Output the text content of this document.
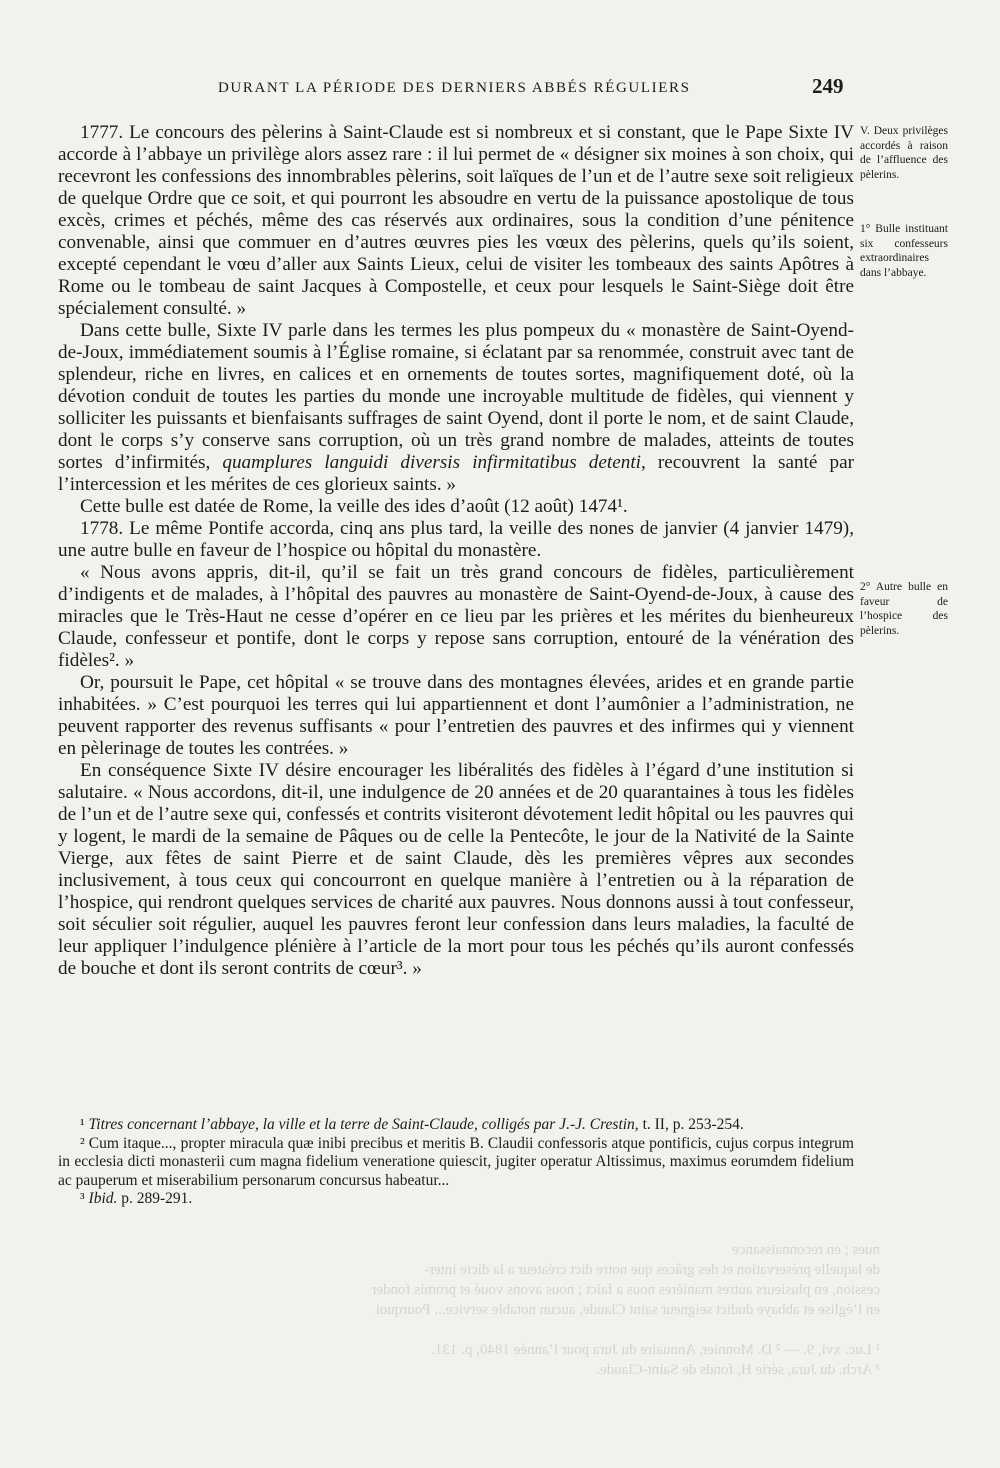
DURANT LA PÉRIODE DES DERNIERS ABBÉS RÉGULIERS	249

1777. Le concours des pèlerins à Saint-Claude est si nombreux et si constant, que le Pape Sixte IV accorde à l’abbaye un privilège alors assez rare : il lui permet de « désigner six moines à son choix, qui recevront les confessions des innombrables pèlerins, soit laïques de l’un et de l’autre sexe soit religieux de quelque Ordre que ce soit, et qui pourront les absoudre en vertu de la puissance apostolique de tous excès, crimes et péchés, même des cas réservés aux ordinaires, sous la condition d’une pénitence convenable, ainsi que commuer en d’autres œuvres pies les vœux des pèlerins, quels qu’ils soient, excepté cependant le vœu d’aller aux Saints Lieux, celui de visiter les tombeaux des saints Apôtres à Rome ou le tombeau de saint Jacques à Compostelle, et ceux pour lesquels le Saint-Siège doit être spécialement consulté. »

Dans cette bulle, Sixte IV parle dans les termes les plus pompeux du « monastère de Saint-Oyend-de-Joux, immédiatement soumis à l’Église romaine, si éclatant par sa renommée, construit avec tant de splendeur, riche en livres, en calices et en ornements de toutes sortes, magnifiquement doté, où la dévotion conduit de toutes les parties du monde une incroyable multitude de fidèles, qui viennent y solliciter les puissants et bienfaisants suffrages de saint Oyend, dont il porte le nom, et de saint Claude, dont le corps s’y conserve sans corruption, où un très grand nombre de malades, atteints de toutes sortes d’infirmités, quamplures languidi diversis infirmitatibus detenti, recouvrent la santé par l’intercession et les mérites de ces glorieux saints. »

Cette bulle est datée de Rome, la veille des ides d’août (12 août) 1474¹.

1778. Le même Pontife accorda, cinq ans plus tard, la veille des nones de janvier (4 janvier 1479), une autre bulle en faveur de l’hospice ou hôpital du monastère.

« Nous avons appris, dit-il, qu’il se fait un très grand concours de fidèles, particulièrement d’indigents et de malades, à l’hôpital des pauvres au monastère de Saint-Oyend-de-Joux, à cause des miracles que le Très-Haut ne cesse d’opérer en ce lieu par les prières et les mérites du bienheureux Claude, confesseur et pontife, dont le corps y repose sans corruption, entouré de la vénération des fidèles². »

Or, poursuit le Pape, cet hôpital « se trouve dans des montagnes élevées, arides et en grande partie inhabitées. » C’est pourquoi les terres qui lui appartiennent et dont l’aumônier a l’administration, ne peuvent rapporter des revenus suffisants « pour l’entretien des pauvres et des infirmes qui y viennent en pèlerinage de toutes les contrées. »

En conséquence Sixte IV désire encourager les libéralités des fidèles à l’égard d’une institution si salutaire. « Nous accordons, dit-il, une indulgence de 20 années et de 20 quarantaines à tous les fidèles de l’un et de l’autre sexe qui, confessés et contrits visiteront dévotement ledit hôpital ou les pauvres qui y logent, le mardi de la semaine de Pâques ou de celle la Pentecôte, le jour de la Nativité de la Sainte Vierge, aux fêtes de saint Pierre et de saint Claude, dès les premières vêpres aux secondes inclusivement, à tous ceux qui concourront en quelque manière à l’entretien ou à la réparation de l’hospice, qui rendront quelques services de charité aux pauvres. Nous donnons aussi à tout confesseur, soit séculier soit régulier, auquel les pauvres feront leur confession dans leurs maladies, la faculté de leur appliquer l’indulgence plénière à l’article de la mort pour tous les péchés qu’ils auront confessés de bouche et dont ils seront contrits de cœur³. »

V. Deux privilèges accordés à raison de l’affluence des pèlerins.
1° Bulle instituant six confesseurs extraordinaires dans l’abbaye.
2° Autre bulle en faveur de l’hospice des pèlerins.

¹ Titres concernant l’abbaye, la ville et la terre de Saint-Claude, colligés par J.-J. Crestin, t. II, p. 253-254.

² Cum itaque..., propter miracula quæ inibi precibus et meritis B. Claudii confessoris atque pontificis, cujus corpus integrum in ecclesia dicti monasterii cum magna fidelium veneratione quiescit, jugiter operatur Altissimus, maximus eorumdem fidelium ac pauperum et miserabilium personarum concursus habeatur...

³ Ibid. p. 289-291.

nues ; en reconnaissance
de laquelle préservation et des grâces que notre dict créateur a la dicte inter-
cession, en plusieurs autres manières nous a faict ; nous avons voué et promis fonder
en l’église et abbaye dudict seigneur saint Claude, aucun notable service... Pourquoi

¹ Luc. xvi, 9. — ² D. Monnier, Annuaire du Jura pour l’année 1840, p. 131.
³ Arch. du Jura, série H, fonds de Saint-Claude.
